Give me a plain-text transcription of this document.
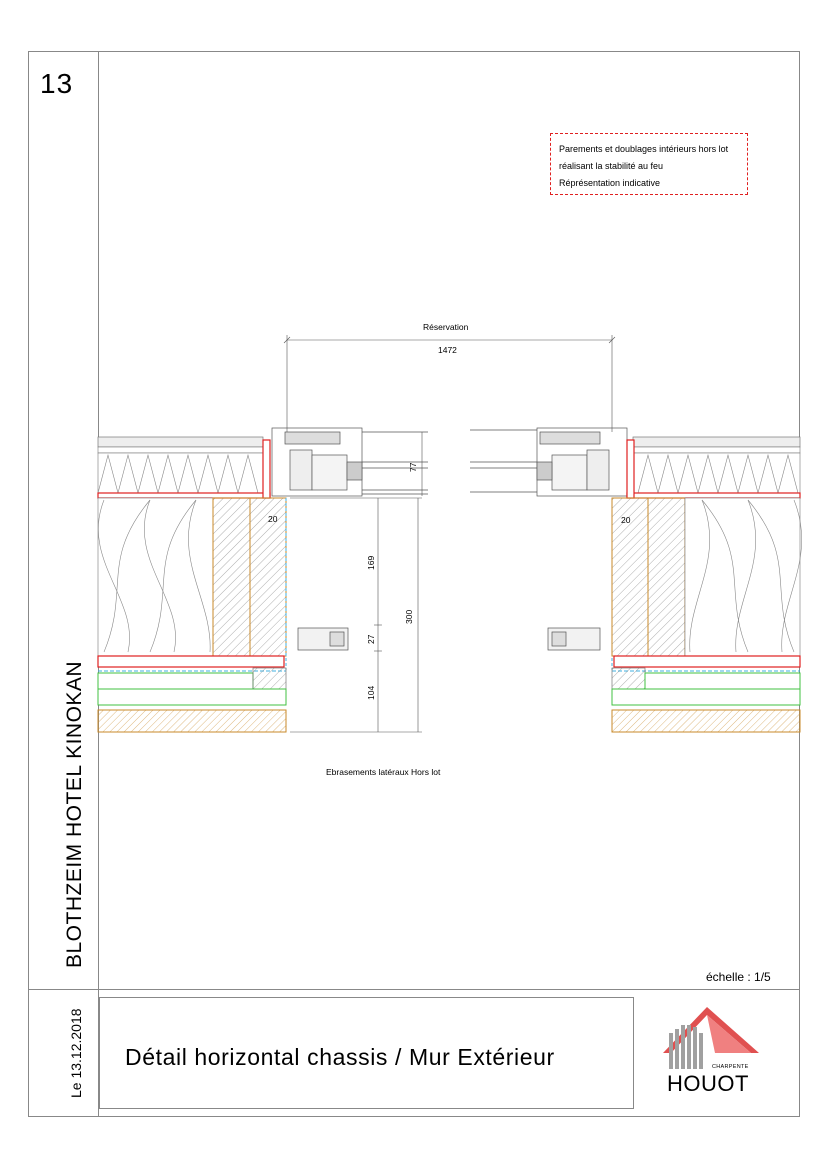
13
BLOTHZEIM HOTEL KINOKAN
Le 13.12.2018
Parements et doublages intérieurs hors lot
réalisant la stabilité au feu
Réprésentation indicative
Réservation
1472
77
20	20
169
27
300
104
Ebrasements latéraux Hors lot
échelle : 1/5
Détail horizontal chassis / Mur Extérieur	CHARPENTE
HOUOT
